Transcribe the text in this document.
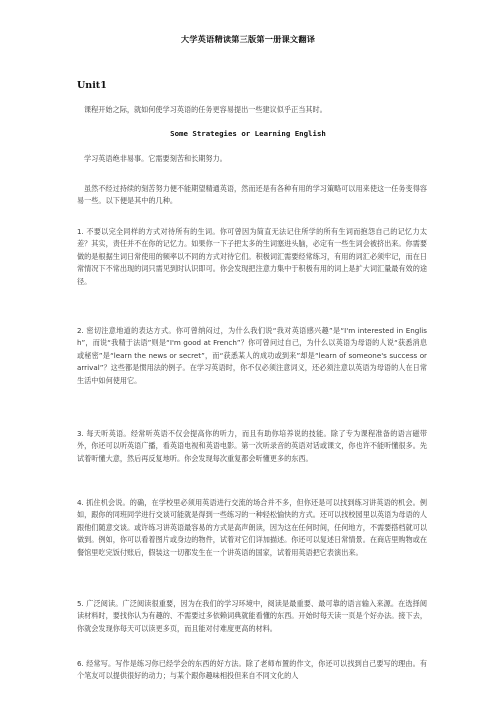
大学英语精读第三版第一册课文翻译
Unit1
课程开始之际，就如何使学习英语的任务更容易提出一些建议似乎正当其时。
Some Strategies or Learning English
学习英语绝非易事。它需要刻苦和长期努力。
虽然不经过持续的刻苦努力便不能期望精通英语，然而还是有各种有用的学习策略可以用来使这一任务变得容易一些。以下便是其中的几种。
1. 不要以完全同样的方式对待所有的生词。你可曾因为简直无法记住所学的所有生词而抱怨自己的记忆力太差？其实，责任并不在你的记忆力。如果你一下子把太多的生词塞进头脑，必定有一些生词会被挤出来。你需要做的是根据生词日常使用的频率以不同的方式对待它们。积极词汇需要经常练习，有用的词汇必须牢记，而在日常情况下不常出现的词只需见到时认识即可。你会发现把注意力集中于积极有用的词上是扩大词汇量最有效的途径。
2. 密切注意地道的表达方式。你可曾纳闷过，为什么我们说“我对英语感兴趣”是“I'm interested in English”，而说“我精于法语”则是“I'm good at French”？你可曾问过自己，为什么以英语为母语的人说“获悉消息或秘密”是“learn the news or secret”，而“获悉某人的成功或到来”却是“learn of someone's success or arrival”？这些都是惯用法的例子。在学习英语时，你不仅必须注意词义，还必须注意以英语为母语的人在日常生活中如何使用它。
3. 每天听英语。经常听英语不仅会提高你的听力，而且有助你培养说的技能。除了专为课程准备的语言磁带外，你还可以听英语广播，看英语电视和英语电影。第一次听录音的英语对话或课文，你也许不能听懂很多。先试着听懂大意，然后再反复地听。你会发现每次重复都会听懂更多的东西。
4. 抓住机会说。的确，在学校里必须用英语进行交流的场合并不多，但你还是可以找到练习讲英语的机会。例如，跟你的同班同学进行交谈可能就是得到一些练习的一种轻松愉快的方式。还可以找校园里以英语为母语的人跟他们随意交谈。或许练习讲英语最容易的方式是高声朗读，因为这在任何时间，任何地方，不需要搭档就可以做到。例如，你可以看着图片或身边的物件，试着对它们详加描述。你还可以复述日常情景。在商店里购物或在餐馆里吃完饭付账后，假装这一切都发生在一个讲英语的国家，试着用英语把它表演出来。
5. 广泛阅读。广泛阅读很重要，因为在我们的学习环境中，阅读是最重要、最可靠的语言输入来源。在选择阅读材料时，要找你认为有趣的、不需要过多依赖词典就能看懂的东西。开始时每天读一页是个好办法。接下去，你就会发现你每天可以读更多页，而且能对付难度更高的材料。
6. 经常写。写作是练习你已经学会的东西的好方法。除了老师布置的作文，你还可以找到自己要写的理由。有个笔友可以提供很好的动力；与某个跟你趣味相投但来自不同文化的人
